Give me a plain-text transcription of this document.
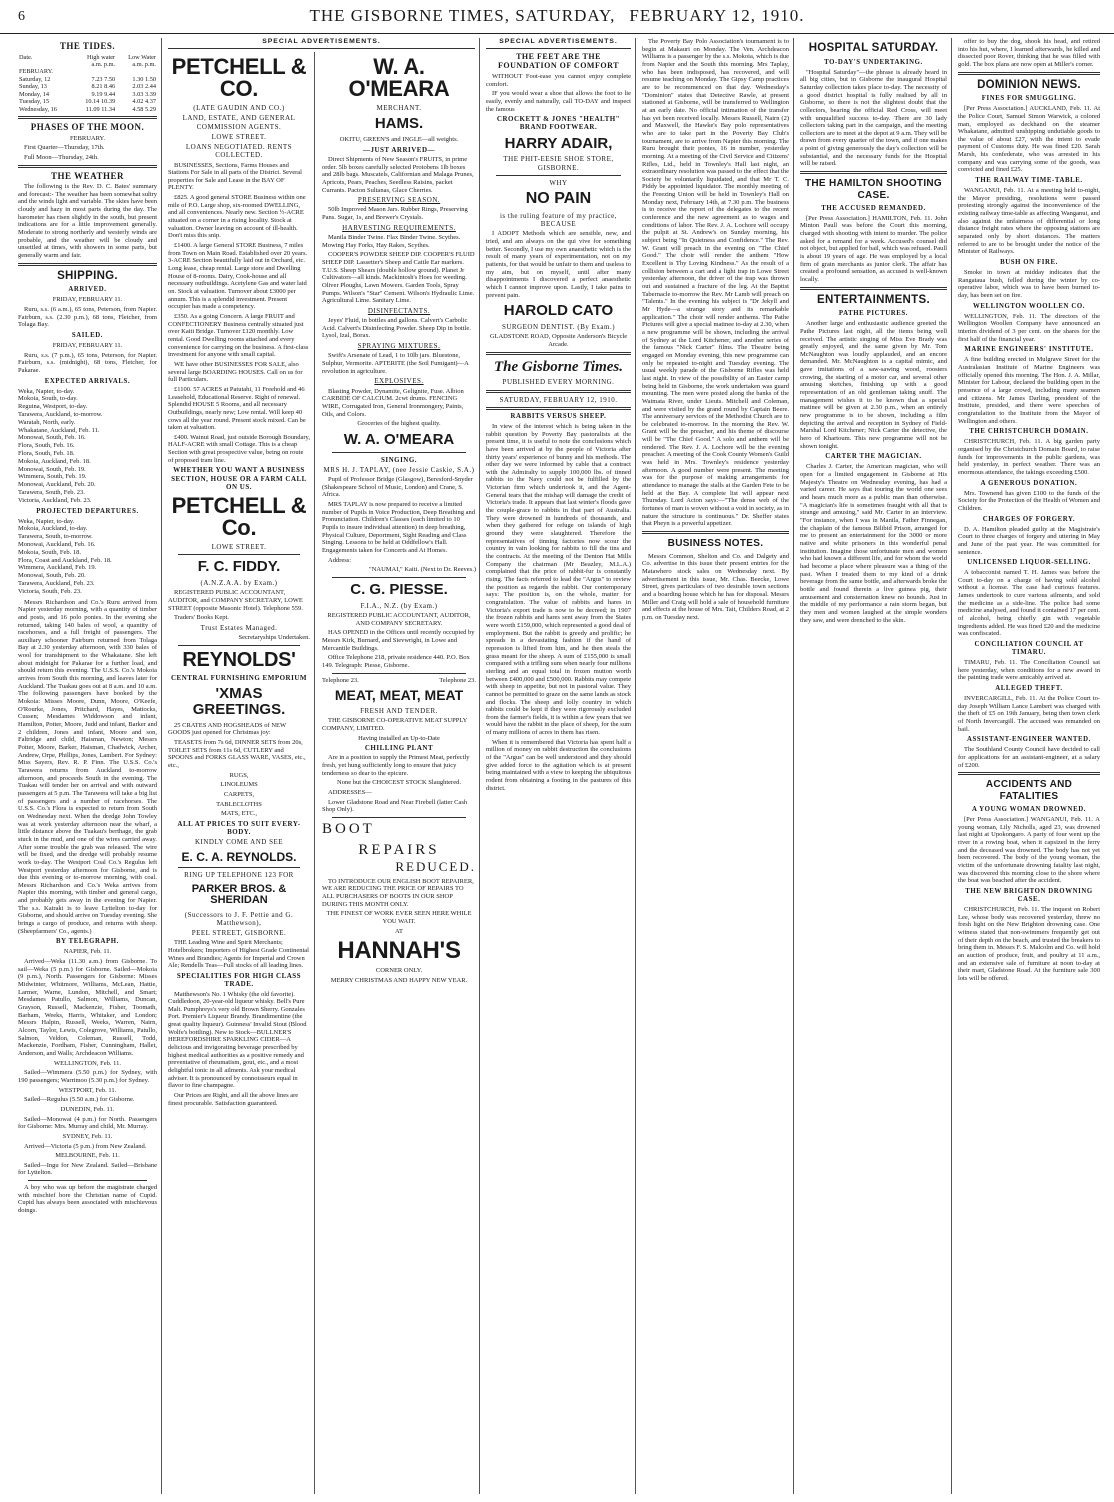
6	THE GISBORNE TIMES, SATURDAY, FEBRUARY 12, 1910.
THE TIDES.
Date.	High water	Low Water
	a.m. p.m.	a.m. p.m.
FEBRUARY.		
Saturday, 12	7.23 7.50	1.30 1.50
Sunday, 13	8.21 8.46	2.03 2.44
Monday, 14	9.19 9.44	3.03 3.39
Tuesday, 15	10.14 10.39	4.02 4.37
Wednesday, 16	11.09 11.34	4.58 5.29
PHASES OF THE MOON.

FEBRUARY.

First Quarter—Thursday, 17th.

Full Moon—Thursday, 24th.

THE WEATHER

The following is the Rev. D. C. Bates' summary and forecast:- The weather has been somewhat sultry and the winds light and variable. The skies have been cloudy and hazy in most parts during the day. The barometer has risen slightly in the south, but present indications are for a little improvement generally. Moderate to strong northerly and westerly winds are probable, and the weather will be cloudy and unsettled at times, with showers in some parts, but generally warm and fair.

SHIPPING.
ARRIVED.

FRIDAY, FEBRUARY 11.

Ruru, s.s. (6 a.m.), 65 tons, Peterson, from Napier. Fairburn, s.s. (2.30 p.m.), 68 tons, Fletcher, from Tolaga Bay.

SAILED.

FRIDAY, FEBRUARY 11.

Ruru, s.s. (7 p.m.), 65 tons, Peterson, for Napier. Fairburn, s.s. (midnight), 68 tons, Fletcher, for Pakarae.

EXPECTED ARRIVALS.
Weka, Napier, to-day.
Mokoia, South, to-day.
Reguina, Westport, to-day.
Tarawera, Auckland, to-morrow.
Waratah, North, early.
Whakatane, Auckland, Feb. 11.
Monowai, South, Feb. 16.
Flora, South, Feb. 16.
Flora, South, Feb. 18.
Mokoia, Auckland, Feb. 18.
Monowai, South, Feb. 19.
Wimmera, South, Feb. 19.
Monowai, Auckland, Feb. 20.
Tarawera, South, Feb. 23.
Victoria, Auckland, Feb. 23.
PROJECTED DEPARTURES.
Weka, Napier, to-day.
Mokoia, Auckland, to-day.
Tarawera, South, to-morrow.
Monowai, Auckland, Feb. 16.
Mokoia, South, Feb. 18.
Flora, Coast and Auckland, Feb. 18.
Wimmera, Auckland, Feb. 19.
Monowai, South, Feb. 20.
Tarawera, Auckland, Feb. 23.
Victoria, South, Feb. 23.

Messrs Richardson and Co.'s Ruru arrived from Napier yesterday morning, with a quantity of timber and posts, and 16 polo ponies. In the evening she returned, taking 140 bales of wool, a quantity of racehorses, and a full freight of passengers. The auxiliary schooner Fairburn returned from Tolaga Bay at 2.30 yesterday afternoon, with 330 bales of wool for transhipment to the Whakatane. She left about midnight for Pakarae for a further load, and should return this evening. The U.S.S. Co.'s Mokoia arrives from South this morning, and leaves later for Auckland. The Tuakau goes out at 8 a.m. and 10 a.m. The following passengers have booked by the Mokoia: Misses Moore, Dunn, Moore, O'Keefe, O'Rourke, Jones, Pritchard, Hayes, Mattocks, Cussen; Mesdames Widdowson and infant, Hamilton, Potter, Moore, Judd and infant, Barker and 2 children, Jones and infant, Moore and son, Faltridge and child, Haisman, Newton; Messrs Potter, Moore, Barker, Haisman, Chadwick, Archer, Andrew, Orpe, Phillips, Jones, Lambert. For Sydney: Miss Sayers, Rev. R. P. Finn. The U.S.S. Co.'s Tarawera returns from Auckland to-morrow afternoon, and proceeds South in the evening. The Tuakau will tender her on arrival and with outward passengers at 5 p.m. The Tarawera will take a big list of passengers and a number of racehorses. The U.S.S. Co.'s Flora is expected to return from South on Wednesday next. When the dredge John Towley was at work yesterday afternoon near the wharf, a little distance above the Tuakau's berthage, the grab stuck in the mud, and one of the wires carried away. After some trouble the grab was released. The wire will be fixed, and the dredge will probably resume work to-day. The Westport Coal Co.'s Regulus left Westport yesterday afternoon for Gisborne, and is due this evening or to-morrow morning, with coal. Messrs Richardson and Co.'s Weka arrives from Napier this morning, with timber and general cargo, and probably gets away in the evening for Napier. The s.s. Kairaki is to leave Lyttelton to-day for Gisborne, and should arrive on Tuesday evening. She brings a cargo of produce, and returns with sheep. (Sheepfarmers' Co., agents.)

BY TELEGRAPH.

NAPIER, Feb. 11.

Arrived—Weka (11.30 a.m.) from Gisborne. To sail—Weka (5 p.m.) for Gisborne. Sailed—Mokoia (9 p.m.), North. Passengers for Gisborne: Misses Midwinter, Whitmore, Williams, McLean, Hattie, Larmer, Warne, Lundon, Mitchell, and Smart; Mesdames Patullo, Salmon, Williams, Duncan, Grayson, Russell, Mackenzie, Fisher, Toomath, Barham, Weeks, Harris, Whitaker, and London; Messrs Halpin, Russell, Weeks, Warren, Nairn, Alcorn, Taylor, Lewis, Colegrove, Williams, Patullo, Salmon, Veldon, Coleman, Russell, Todd, Mackenzie, Fordham, Fisher, Cunningham, Hallet, Anderson, and Walls; Archdeacon Williams.

WELLINGTON, Feb. 11.

Sailed—Wimmera (5.50 p.m.) for Sydney, with 190 passengers; Warrimoo (5.30 p.m.) for Sydney.

WESTPORT, Feb. 11.

Sailed—Regulus (5.50 a.m.) for Gisborne.

DUNEDIN, Feb. 11.

Sailed—Monowai (4 p.m.) for North. Passengers for Gisborne: Mrs. Murray and child, Mr. Murray.

SYDNEY, Feb. 11.

Arrived—Victoria (5 p.m.) from New Zealand.

MELBOURNE, Feb. 11.

Sailed—Ingu for New Zealand. Sailed—Brisbane for Lyttelton.

A boy who was up before the magistrate charged with mischief bore the Christian name of Cupid. Cupid has always been associated with mischievous doings.

SPECIAL ADVERTISEMENTS.
PETCHELL & CO.

(LATE GAUDIN AND CO.)

LAND, ESTATE, AND GENERAL COMMISSION AGENTS.

LOWE STREET.

LOANS NEGOTIATED. RENTS COLLECTED.

BUSINESSES, Sections, Farms Houses and Stations For Sale in all parts of the District. Several properties for Sale and Lease in the BAY OF PLENTY.

£825. A good general STORE Business within one mile of P.O. Large shop, six-roomed DWELLING, and all conveniences. Nearly new. Section ½-ACRE situated on a corner in a rising locality. Stock at valuation. Owner leaving on account of ill-health. Don't miss this snip.

£1400. A large General STORE Business, 7 miles from Town on Main Road. Established over 20 years. 3-ACRE Section beautifully laid out in Orchard, etc. Long lease, cheap rental. Large store and Dwelling House of 8-rooms. Dairy, Cook-house and all necessary outbuildings. Acetylene Gas and water laid on. Stock at valuation. Turnover about £3000 per annum. This is a splendid investment. Present occupier has made a competency.

£350. As a going Concern. A large FRUIT and CONFECTIONERY Business centrally situated just over Kaiti Bridge. Turnover £120 monthly. Low rental. Good Dwelling rooms attached and every convenience for carrying on the business. A first-class investment for anyone with small capital.

WE have other BUSINESSES FOR SALE, also several large BOARDING HOUSES. Call on us for full Particulars.

£1100. 57 ACRES at Patutahi, 11 Freehold and 46 Leasehold, Educational Reserve. Right of renewal. Splendid HOUSE 5 Rooms, and all necessary Outbuildings, nearly new; Low rental. Will keep 40 cows all the year round. Present stock mixed. Can be taken at valuation.

£400. Wainui Road, just outside Borough Boundary, HALF-ACRE with small Cottage. This is a cheap Section with great prospective value, being on route of proposed tram line.

WHETHER YOU WANT A BUSINESS SECTION, HOUSE OR A FARM CALL ON US.

PETCHELL & Co.

LOWE STREET.

F. C. FIDDY.

(A.N.Z.A.A. by Exam.)

REGISTERED PUBLIC ACCOUNTANT, AUDITOR, and COMPANY SECRETARY, LOWE STREET (opposite Masonic Hotel). Telephone 559.

Traders' Books Kept.

Trust Estates Managed.

Secretaryships Undertaken.

REYNOLDS'

CENTRAL FURNISHING EMPORIUM

'XMAS GREETINGS.

25 CRATES AND HOGSHEADS of NEW GOODS just opened for Christmas joy:

TEASETS from 7s 6d, DINNER SETS from 20s, TOILET SETS from 11s 6d, CUTLERY and SPOONS and FORKS GLASS WARE, VASES, etc., etc.,

RUGS,

LINOLEUMS

CARPETS,

TABLECLOTHS

MATS, ETC.,

ALL AT PRICES TO SUIT EVERY-BODY.

KINDLY COME AND SEE

E. C. A. REYNOLDS.

RING UP TELEPHONE 123 FOR

PARKER BROS. & SHERIDAN

(Successors to J. F. Pettie and G. Matthewson),

PEEL STREET, GISBORNE.

THE Leading Wine and Spirit Merchants; Hotelbrokers; Importers of Highest Grade Continental Wines and Brandies; Agents for Imperial and Crown Ale; Rendells Teas—Full stocks of all leading lines.

SPECIALITIES FOR HIGH CLASS TRADE.

Matthewson's No. 1 Whisky (the old favorite). Cuddledoon, 20-year-old liqueur whisky. Bell's Pure Malt. Pumphreys's very old Brown Sherry. Gonzales Port. Premier's Liqueur Brandy. Brandimentine (the great quality liqueur). Guinness' Invalid Stout (Blood Wolfe's bottling). New to Stock—BULLNER'S HEREFORDSHIRE SPARKLING CIDER—A delicious and invigorating beverage prescribed by highest medical authorities as a positive remedy and preventative of rheumatism, gout, etc., and a most delightful tonic in all ailments. Ask your medical adviser. It is pronounced by connoisseurs equal in flavor to fine champagne.

Our Prices are Right, and all the above lines are finest procurable. Satisfaction guaranteed.

W. A. O'MEARA

MERCHANT.

HAMS.

OKITU, GREEN'S and INGLE—all weights.

—JUST ARRIVED—

Direct Shipments of New Season's FRUITS, in prime order. 5lb boxes carefully selected Protobens 1lb boxes and 28lb bags. Muscatels, Californian and Malaga Prunes, Apricots, Pears, Peaches, Seedless Raisins, packet Currants. Pacton Sultanas, Glace Cherries.

PRESERVING SEASON.

50lb Improved Mason Jars. Rubber Rings, Preserving Pans. Sugar, 1s, and Brewer's Crystals.

HARVESTING REQUIREMENTS.

Manila Binder Twine. Flax Binder Twine. Scythes. Mowing Hay Forks, Hay Rakes, Scythes.

COOPER'S POWDER SHEEP DIP. COOPER'S FLUID SHEEP DIP. Lassetter's Sheep and Cattle Ear markers. T.U.S. Sheep Shears (double hollow ground). Planet Jr Cultivators—all kinds. Mackintosh's Hoes for weeding. Oliver Ploughs, Lawn Mowers. Garden Tools, Spray Pumps. Wilson's "Star" Cement. Wilson's Hydraulic Lime. Agricultural Lime. Sanitary Lime.

DISINFECTANTS.

Jeyes' Fluid, in bottles and gallons. Calvert's Carbolic Acid. Calvert's Disinfecting Powder. Sheep Dip in bottle. Lysol, Izal, Borax.

SPRAYING MIXTURES.

Swift's Arsenate of Lead, 1 to 10lb jars. Bluestone, Sulphur, Vermorite. APTERITE (the Soil Fumigant)—A revolution in agriculture.

EXPLOSIVES.

Blasting Powder, Dynamite, Gelignite, Fuse. Albion CARBIDE OF CALCIUM. 2cwt drums. FENCING WIRE, Corrugated Iron, General Ironmongery, Paints, Oils, and Colors.

Groceries of the highest quality.

W. A. O'MEARA

SINGING.

MRS H. J. TAPLAY, (nee Jessie Caskie, S.A.)

Pupil of Professor Bridge (Glasgow), Beresford-Snyder (Shakespeare School of Music, London) and Crane, S. Africa.

MRS TAPLAY is now prepared to receive a limited number of Pupils in Voice Production, Deep Breathing and Pronunciation. Children's Classes (each limited to 10 Pupils to insure individual attention) in deep breathing, Physical Culture, Deportment, Sight Reading and Class Singing. Lessons to be held at Oddfellow's Hall. Engagements taken for Concerts and At Homes.

Address:

"NAUMAI," Kaiti. (Next to Dr. Reeves.)

C. G. PIESSE.

F.I.A., N.Z. (by Exam.)

REGISTERED PUBLIC ACCOUNTANT, AUDITOR, AND COMPANY SECRETARY.

HAS OPENED in the Offices until recently occupied by Messrs Kirk, Burnard, and Sievwright, in Lowe and Mercantile Buildings.

Office Telephone 218, private residence 440. P.O. Box 149. Telegraph: Piesse, Gisborne.

Telephone 23.	Telephone 23.
MEAT, MEAT, MEAT

FRESH AND TENDER.

THE GISBORNE CO-OPERATIVE MEAT SUPPLY COMPANY, LIMITED.

Having installed an Up-to-Date

CHILLING PLANT

Are in a position to supply the Primest Meat, perfectly fresh, yet hung sufficiently long to ensure that juicy tenderness so dear to the epicure.

None but the CHOICEST STOCK Slaughtered.

ADDRESSES—

Lower Gladstone Road and Near Firebell (latter Cash Shop Only).

BOOT
REPAIRS
REDUCED.

TO INTRODUCE OUR ENGLISH BOOT REPAIRER, WE ARE REDUCING THE PRICE OF REPAIRS TO ALL PURCHASERS OF BOOTS IN OUR SHOP DURING THIS MONTH ONLY.

THE FINEST OF WORK EVER SEEN HERE WHILE YOU WAIT.

AT

HANNAH'S

CORNER ONLY.

MERRY CHRISTMAS AND HAPPY NEW YEAR.

SPECIAL ADVERTISEMENTS.
THE FEET ARE THE FOUNDATION OF COMFORT

WITHOUT Foot-ease you cannot enjoy complete comfort.

IF you would wear a shoe that allows the foot to lie easily, evenly and naturally, call TO-DAY and inspect the famous

CROCKETT & JONES "HEALTH" BRAND FOOTWEAR.

HARRY ADAIR,

THE PHIT-EESIE SHOE STORE, GISBORNE.

WHY

NO PAIN

is the ruling feature of my practice, BECAUSE

I ADOPT Methods which are sensible, new, and tried, and am always on the qui vive for something better. Secondly, I use my own anaesthetic which is the result of many years of experimentation, not on my patients, for that would be unfair to them and useless to my aim, but on myself, until after many disappointments I discovered a perfect anaesthetic which I cannot improve upon. Lastly, I take pains to prevent pain.

HAROLD CATO

SURGEON DENTIST. (By Exam.)

GLADSTONE ROAD, Opposite Anderson's Bicycle Arcade.

The Gisborne Times.

PUBLISHED EVERY MORNING.

SATURDAY, FEBRUARY 12, 1910.

RABBITS VERSUS SHEEP.

In view of the interest which is being taken in the rabbit question by Poverty Bay pastoralists at the present time, it is useful to note the conclusions which have been arrived at by the people of Victoria after thirty years' experience of bunny and his methods. The other day we were informed by cable that a contract with the Admiralty to supply 100,000 lbs. of tinned rabbits to the Navy could not be fulfilled by the Victorian firm which undertook it, and the Agent-General tears that the mishap will damage the credit of Victoria's trade. It appears that last winter's floods gave the couple-grace to rabbits in that part of Australia. They were drowned in hundreds of thousands, and when they gathered for refuge on islands of high ground they were slaughtered. Therefore the representatives of tinning factories now scour the country in vain looking for rabbits to fill the tins and the contracts. At the meeting of the Denton Hat Mills Company the chairman (Mr Beazley, M.L.A.) complained that the price of rabbit-fur is constantly rising. The facts referred to lead the "Argus" to review the position as regards the rabbit. Our contemporary says: The position is, on the whole, matter for congratulation. The value of rabbits and hares in Victoria's export trade is now to be decreed; in 1907 the frozen rabbits and hares sent away from the States were worth £159,000, which represented a good deal of employment. But the rabbit is greedy and prolific; he spreads in a devastating fashion if the hand of repression is lifted from him, and he then steals the grass meant for the sheep. A sum of £155,000 is small compared with a trifling sum when nearly four millions sterling and an equal total in frozen mutton worth between £400,000 and £500,000. Rabbits may compete with sheep in appetite, but not in pastoral value. They cannot be permitted to graze on the same lands as stock and flocks. The sheep and lolly country in which rabbits could be kept if they were rigorously excluded from the farmer's fields, it is within a few years that we would have the rabbit in the place of sheep, for the sum of many millions of acres in them has risen.

When it is remembered that Victoria has spent half a million of money on rabbit destruction the conclusions of the "Argus" can be well understood and they should give added force to the agitation which is at present being maintained with a view to keeping the ubiquitous rodent from obtaining a footing in the pastures of this district.

The Poverty Bay Polo Association's tournament is to begin at Makauri on Monday. The Ven. Archdeacon Williams is a passenger by the s.s. Mokoia, which is due from Napier and the South this morning. Mrs Taplay, who has been indisposed, has recovered, and will resume teaching on Monday. The Gipsy Camp practices are to be recommenced on that day. Wednesday's "Dominion" states that Detective Rawle, at present stationed at Gisborne, will be transferred to Wellington at an early date. No official intimation of the transfer has yet been received locally. Messrs Russell, Nairn (2) and Maxwell, the Hawke's Bay polo representatives who are to take part in the Poverty Bay Club's tournament, are to arrive from Napier this morning. The Ruru brought their ponies, 16 in number, yesterday morning. At a meeting of the Civil Service and Citizens' Rifles, Ltd., held in Townley's Hall last night, an extraordinary resolution was passed to the effect that the Society be voluntarily liquidated, and that Mr T. C. Piddy be appointed liquidator. The monthly meeting of the Freezing Union will be held in Townley's Hall on Monday next, February 14th, at 7.30 p.m. The business is to receive the report of the delegates to the recent conference and the new agreement as to wages and conditions of labor. The Rev. J. A. Lochore will occupy the pulpit at St. Andrew's on Sunday morning, his subject being "In Quietness and Confidence." The Rev. W. Grant will preach in the evening on "The Chief Good." The choir will render the anthem "How Excellent is Thy Loving Kindness." As the result of a collision between a cart and a light trap in Lowe Street yesterday afternoon, the driver of the trap was thrown out and sustained a fracture of the leg. At the Baptist Tabernacle to-morrow the Rev. Mr Lamb will preach on "Talents." In the evening his subject is "Dr Jekyll and Mr Hyde—a strange story and its remarkable application." The choir will render anthems. The Pathe Pictures will give a special matinee to-day at 2.30, when a new programme will be shown, including the arrival of Sydney at the Lord Kitchener, and another series of the famous "Nick Carter" films. The Theatre being engaged on Monday evening, this new programme can only be repeated to-night and Tuesday evening. The usual weekly parade of the Gisborne Rifles was held last night. In view of the possibility of an Easter camp being held in Gisborne, the work undertaken was guard mounting. The men were posted along the banks of the Waimata River, under Lieuts. Mitchell and Coleman, and were visited by the grand round by Captain Beere. The anniversary services of the Methodist Church are to be celebrated to-morrow. In the morning the Rev. W. Grant will be the preacher, and his theme of discourse will be "The Chief Good." A solo and anthem will be rendered. The Rev. J. A. Lochore will be the evening preacher. A meeting of the Cook County Women's Guild was held in Mrs. Townley's residence yesterday afternoon. A good number were present. The meeting was for the purpose of making arrangements for attendance to manage the stalls at the Garden Fete to be held at the Bay. A complete list will appear next Thursday. Lord Acton says:—"The dense web of the fortunes of man is woven without a void in society, as in nature the structure is continuous." Dr. Sheffer states that Pheyn is a powerful appetizer.

BUSINESS NOTES.

Messrs Common, Shelton and Co. and Dalgety and Co. advertise in this issue their present entries for the Matawhero stock sales on Wednesday next. By advertisement in this issue, Mr. Chas. Beecke, Lowe Street, gives particulars of two desirable town sections and a boarding house which he has for disposal. Messrs Miller and Craig will hold a sale of household furniture and effects at the house of Mrs. Tait, Childers Road, at 2 p.m. on Tuesday next.

HOSPITAL SATURDAY.
TO-DAY'S UNDERTAKING.

"Hospital Saturday"—the phrase is already heard in all big cities, but in Gisborne the inaugural Hospital Saturday collection takes place to-day. The necessity of a good district hospital is fully realised by all in Gisborne, so there is not the slightest doubt that the collectors, bearing the official Red Cross, will meet with unqualified success to-day. There are 30 lady collectors taking part in the campaign, and the meeting collectors are to meet at the depot at 9 a.m. They will be drawn from every quarter of the town, and if one makes a point of giving generously the day's collection will be substantial, and the necessary funds for the Hospital will be raised.

THE HAMILTON SHOOTING CASE.
THE ACCUSED REMANDED.

[Per Press Association.] HAMILTON, Feb. 11. John Minton Paull was before the Court this morning, charged with shooting with intent to murder. The police asked for a remand for a week. Accused's counsel did not object, but applied for bail, which was refused. Paull is about 19 years of age. He was employed by a local firm of grain merchants as junior clerk. The affair has created a profound sensation, as accused is well-known locally.

ENTERTAINMENTS.
PATHE PICTURES.

Another large and enthusiastic audience greeted the Pathe Pictures last night, all the items being well received. The artistic singing of Miss Eve Brady was greatly enjoyed, and the same given by Mr. Tom McNaughton was loudly applauded, and an encore demanded. Mr. McNaughton is a capital mimic, and gave imitations of a saw-sawing wood, roosters crowing, the starting of a motor car, and several other amusing sketches, finishing up with a good representation of an old gentleman taking snuff. The management wishes it to be known that a special matinee will be given at 2.30 p.m., when an entirely new programme is to be shown, including a film depicting the arrival and reception in Sydney of Field-Marshal Lord Kitchener; Nick Carter the detective, the hero of Khartoum. This new programme will not be shown tonight.

CARTER THE MAGICIAN.

Charles J. Carter, the American magician, who will open for a limited engagement in Gisborne at His Majesty's Theatre on Wednesday evening, has had a varied career. He says that touring the world one sees and hears much more as a public man than otherwise. "A magician's life is sometimes fraught with all that is strange and amusing," said Mr. Carter in an interview. "For instance, when I was in Manila, Father Finnegan, the chaplain of the famous Bilibid Prison, arranged for me to present an entertainment for the 3000 or more native and white prisoners in this wonderful penal institution. Imagine those unfortunate men and women who had known a different life, and for whom the world had become a place where pleasure was a thing of the past. When I treated them to my kind of a drink beverage from the same bottle, and afterwards broke the bottle and found therein a live guinea pig, their amusement and consternation knew no bounds. Just in the middle of my performance a rain storm began, but they men and women laughed at the simple wonders they saw, and were drenched to the skin.

offer to buy the dog, shook his head, and retired into his hut, where, I learned afterwards, he killed and dissected poor Rover, thinking that he was filled with gold. The box plans are now open at Miller's corner.

DOMINION NEWS.
FINES FOR SMUGGLING.

[Per Press Association.] AUCKLAND, Feb. 11. At the Police Court, Samuel Simon Warwick, a colored man, employed as deckhand on the steamer Whakatane, admitted unshipping undutiable goods to the value of about £27, with the intent to evade payment of Customs duty. He was fined £20. Sarah Marsh, his confederate, who was arrested in his company and was carrying some of the goods, was convicted and fined £25.

THE RAILWAY TIME-TABLE.

WANGANUI, Feb. 11. At a meeting held to-night, the Mayor presiding, resolutions were passed protesting strongly against the inconvenience of the existing railway time-table as affecting Wanganui, and also against the unfairness of differential or long distance freight rates where the opposing stations are separated only by short distances. The matters referred to are to be brought under the notice of the Minister of Railways.

BUSH ON FIRE.

Smoke in town at midday indicates that the Rangataua bush, felled during the winter by co-operative labor, which was to have been burned to-day, has been set on fire.

WELLINGTON WOOLLEN CO.

WELLINGTON, Feb. 11. The directors of the Wellington Woollen Company have announced an interim dividend of 3 per cent. on the shares for the first half of the financial year.

MARINE ENGINEERS' INSTITUTE.

A fine building erected in Mulgrave Street for the Australasian Institute of Marine Engineers was officially opened this morning. The Hon. J. A. Millar, Minister for Labour, declared the building open in the presence of a large crowd, including many seamen and citizens. Mr James Darling, president of the Institute, presided, and there were speeches of congratulation to the Institute from the Mayor of Wellington and others.

THE CHRISTCHURCH DOMAIN.

CHRISTCHURCH, Feb. 11. A big garden party organised by the Christchurch Domain Board, to raise funds for improvements in the public gardens, was held yesterday, in perfect weather. There was an enormous attendance, the takings exceeding £500.

A GENEROUS DONATION.

Mrs. Townend has given £100 to the funds of the Society for the Protection of the Health of Women and Children.

CHARGES OF FORGERY.

D. A. Hamilton pleaded guilty at the Magistrate's Court to three charges of forgery and uttering in May and June of the past year. He was committed for sentence.

UNLICENSED LIQUOR-SELLING.

A tobacconist named T. H. James was before the Court to-day on a charge of having sold alcohol without a license. The case had curious features. James undertook to cure various ailments, and sold the medicine as a side-line. The police had some medicine analysed, and found it contained 17 per cent. of alcohol, being chiefly gin with vegetable ingredients added. He was fined £20 and the medicine was confiscated.

CONCILIATION COUNCIL AT TIMARU.

TIMARU, Feb. 11. The Conciliation Council sat here yesterday, when conditions for a new award in the painting trade were amicably arrived at.

ALLEGED THEFT.

INVERCARGILL, Feb. 11. At the Police Court to-day Joseph William Lance Lambert was charged with the theft of £5 on 19th January, being then town clerk of North Invercargill. The accused was remanded on bail.

ASSISTANT-ENGINEER WANTED.

The Southland County Council have decided to call for applications for an assistant-engineer, at a salary of £200.

ACCIDENTS AND FATALITIES
A YOUNG WOMAN DROWNED.

[Per Press Association.] WANGANUI, Feb. 11. A young woman, Lily Nicholls, aged 23, was drowned last night at Upokongaro. A party of four went up the river in a rowing boat, when it capsized in the ferry and the deceased was drowned. The body has not yet been recovered. The body of the young woman, the victim of the unfortunate drowning fatality last night, was discovered this morning close to the shore where the boat was beached after the accident.

THE NEW BRIGHTON DROWNING CASE.

CHRISTCHURCH, Feb. 11. The inquest on Robert Lee, whose body was recovered yesterday, threw no fresh light on the New Brighton drowning case. One witness stated that non-swimmers frequently get out of their depth on the beach, and trusted the breakers to bring them in. Messrs F. S. Malcolm and Co. will hold an auction of produce, fruit, and poultry at 11 a.m., and an extensive sale of furniture at noon to-day at their mart, Gladstone Road. At the furniture sale 300 lots will be offered.
